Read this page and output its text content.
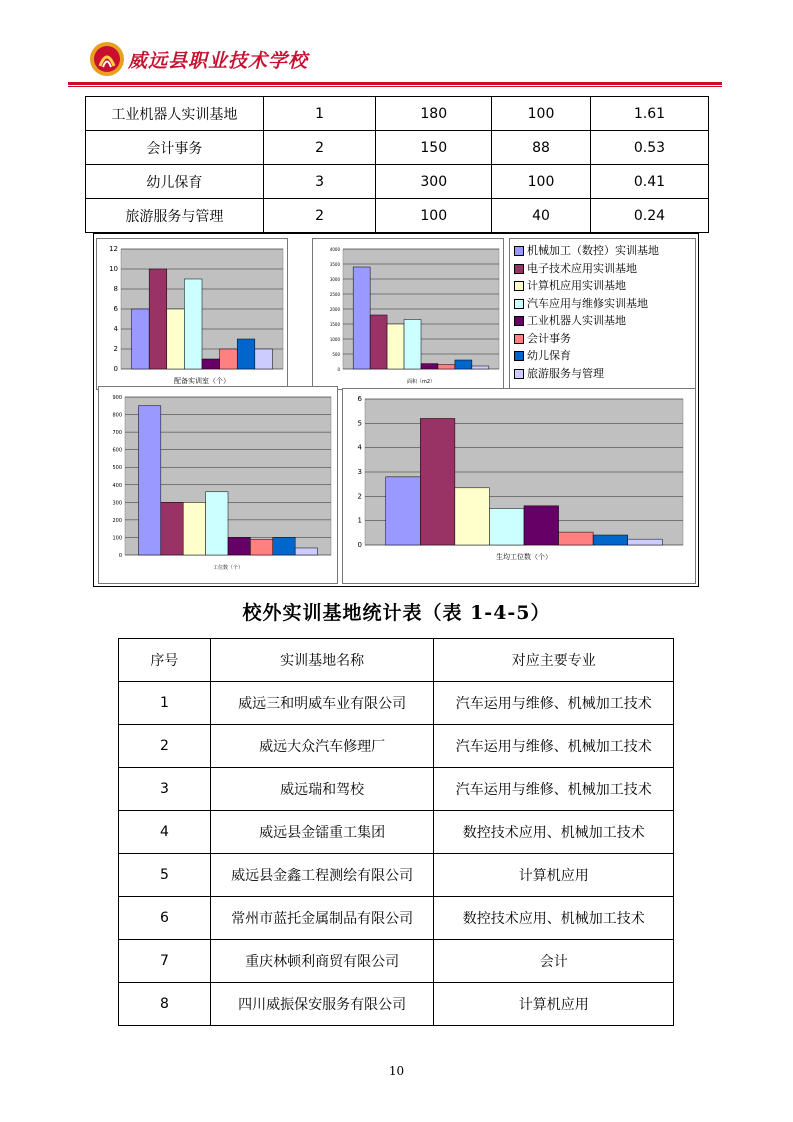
威远县职业技术学校
工业机器人实训基地	1	180	100	1.61
会计事务	2	150	88	0.53
幼儿保育	3	300	100	0.41
旅游服务与管理	2	100	40	0.24
0
2
4
6
8
10
12
配备实训室（个）
0
500
1000
1500
2000
2500
3000
3500
4000
面积（m2）
机械加工（数控）实训基地
电子技术应用实训基地
计算机应用实训基地
汽车应用与维修实训基地
工业机器人实训基地
会计事务
幼儿保育
旅游服务与管理
0
100
200
300
400
500
600
700
800
900
工位数（个）
0
1
2
3
4
5
6
生均工位数（个）
校外实训基地统计表（表 1-4-5）
序号	实训基地名称	对应主要专业
1	威远三和明威车业有限公司	汽车运用与维修、机械加工技术
2	威远大众汽车修理厂	汽车运用与维修、机械加工技术
3	威远瑞和驾校	汽车运用与维修、机械加工技术
4	威远县金镭重工集团	数控技术应用、机械加工技术
5	威远县金鑫工程测绘有限公司	计算机应用
6	常州市蓝托金属制品有限公司	数控技术应用、机械加工技术
7	重庆林顿利商贸有限公司	会计
8	四川威振保安服务有限公司	计算机应用
10
